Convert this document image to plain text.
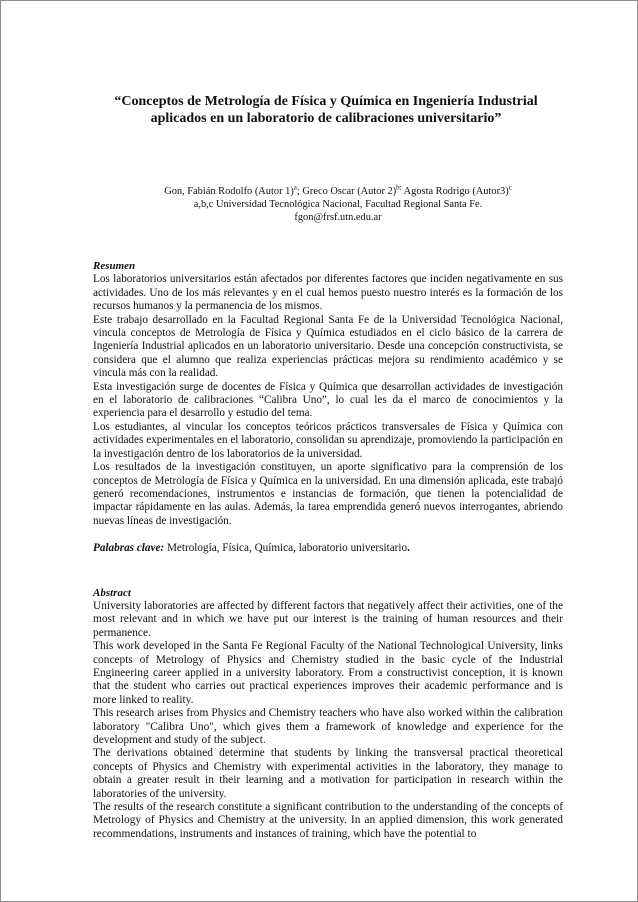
“Conceptos de Metrología de Física y Química en Ingeniería Industrial
aplicados en un laboratorio de calibraciones universitario”
Gon, Fabián Rodolfo (Autor 1)$^a$; Greco Oscar (Autor 2)$^{b;}$ Agosta Rodrigo (Autor3)$^c$
a,b,c Universidad Tecnológica Nacional, Facultad Regional Santa Fe.
fgon@frsf.utn.edu.ar

Resumen

Los laboratorios universitarios están afectados por diferentes factores que inciden negativamente en sus actividades. Uno de los más relevantes y en el cual hemos puesto nuestro interés es la formación de los recursos humanos y la permanencia de los mismos.

Este trabajo desarrollado en la Facultad Regional Santa Fe de la Universidad Tecnológica Nacional, vincula conceptos de Metrología de Física y Química estudiados en el ciclo básico de la carrera de Ingeniería Industrial aplicados en un laboratorio universitario. Desde una concepción constructivista, se considera que el alumno que realiza experiencias prácticas mejora su rendimiento académico y se vincula más con la realidad.

Esta investigación surge de docentes de Física y Química que desarrollan actividades de investigación en el laboratorio de calibraciones “Calibra Uno”, lo cual les da el marco de conocimientos y la experiencia para el desarrollo y estudio del tema.

Los estudiantes, al vincular los conceptos teóricos prácticos transversales de Física y Química con actividades experimentales en el laboratorio, consolidan su aprendizaje, promoviendo la participación en la investigación dentro de los laboratorios de la universidad.

Los resultados de la investigación constituyen, un aporte significativo para la comprensión de los conceptos de Metrología de Física y Química en la universidad. En una dimensión aplicada, este trabajó generó recomendaciones, instrumentos e instancias de formación, que tienen la potencialidad de impactar rápidamente en las aulas. Además, la tarea emprendida generó nuevos interrogantes, abriendo nuevas líneas de investigación.

Palabras clave: Metrología, Física, Química, laboratorio universitario.

Abstract

University laboratories are affected by different factors that negatively affect their activities, one of the most relevant and in which we have put our interest is the training of human resources and their permanence.

This work developed in the Santa Fe Regional Faculty of the National Technological University, links concepts of Metrology of Physics and Chemistry studied in the basic cycle of the Industrial Engineering career applied in a university laboratory. From a constructivist conception, it is known that the student who carries out practical experiences improves their academic performance and is more linked to reality.

This research arises from Physics and Chemistry teachers who have also worked within the calibration laboratory "Calibra Uno", which gives them a framework of knowledge and experience for the development and study of the subject.

The derivations obtained determine that students by linking the transversal practical theoretical concepts of Physics and Chemistry with experimental activities in the laboratory, they manage to obtain a greater result in their learning and a motivation for participation in research within the laboratories of the university.

The results of the research constitute a significant contribution to the understanding of the concepts of Metrology of Physics and Chemistry at the university. In an applied dimension, this work generated recommendations, instruments and instances of training, which have the potential to
